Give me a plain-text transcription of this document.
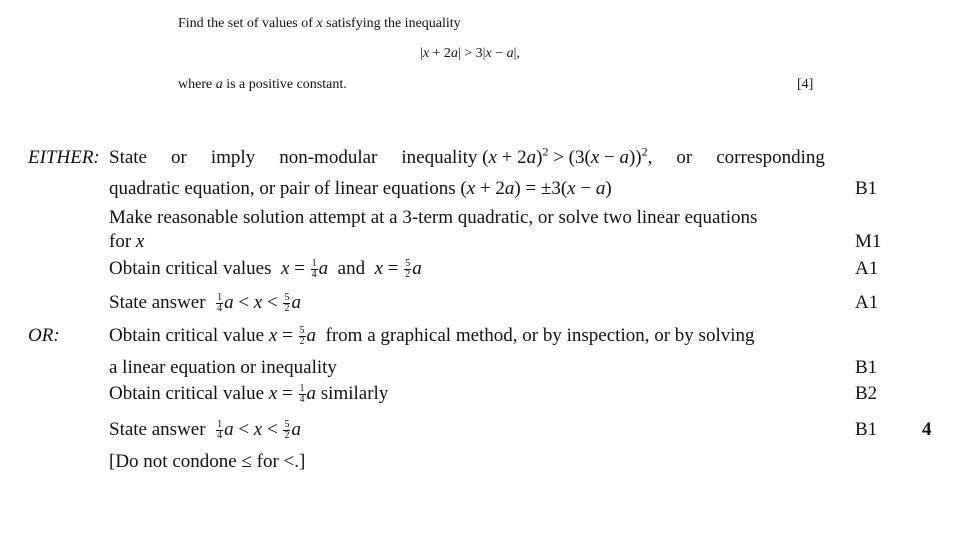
Find the set of values of x satisfying the inequality
|x + 2a| > 3|x − a|,
where a is a positive constant.	[4]
EITHER: State or imply non-modular inequality $(x + 2a)^2 > (3(x - a))^2$, or corresponding
quadratic equation, or pair of linear equations (x + 2a) = ±3(x − a)	B1
Make reasonable solution attempt at a 3-term quadratic, or solve two linear equations
for x	M1
Obtain critical values  $x = \frac{1}{4}$ a  and  $x = \frac{5}{2}$ a	A1
State answer $\frac{1}{4}$ $a < x < \frac{5}{2}$ a	A1
OR:	Obtain critical value $x = \frac{5}{2}$ a  from a graphical method, or by inspection, or by solving
a linear equation or inequality	B1
Obtain critical value $x = \frac{1}{4}$ a similarly	B2
State answer $\frac{1}{4}$ $a < x < \frac{5}{2}$ a	B1 4
[Do not condone ≤ for <.]
